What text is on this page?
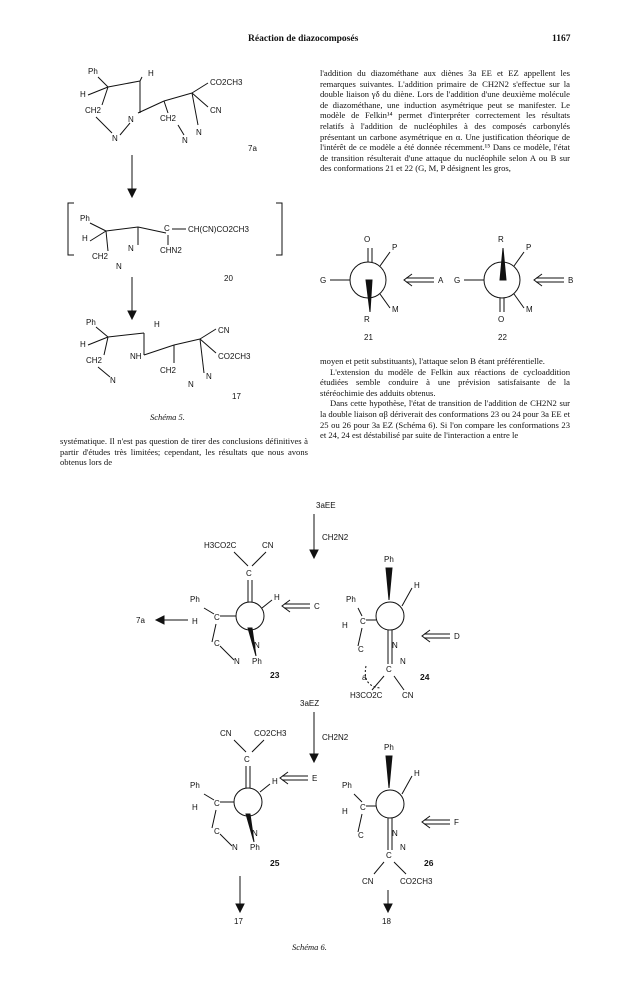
Réaction de diazocomposés	1167
Ph	H
H
CH2
N
N
CO2CH3
CN
CH2
N
N
7a
Ph
H
CH2
N
N
C CH(CN)CO2CH3
CHN2
20
Ph	H
H
CH2
N
NH
CN
CO2CH3
CH2
N
N
17
Schéma 5.

systématique. Il n'est pas question de tirer des conclusions définitives à partir d'études très limitées; cependant, les résultats que nous avons obtenus lors de

l'addition du diazométhane aux diènes 3a EE et EZ appellent les remarques suivantes. L'addition primaire de CH2N2 s'effectue sur la double liaison γδ du diène. Lors de l'addition d'une deuxième molécule de diazométhane, une induction asymétrique peut se manifester. Le modèle de Felkin¹⁴ permet d'interpréter correctement les résultats relatifs à l'addition de nucléophiles à des composés carbonylés présentant un carbone asymétrique en α. Une justification théorique de l'intérêt de ce modèle a été donnée récemment.¹⁵ Dans ce modèle, l'état de transition résulterait d'une attaque du nucléophile selon A ou B sur des conformations 21 et 22 (G, M, P désignent les gros,

O
P
G
R
M
A
21
R
P
G
O
M
B
22

moyen et petit substituants), l'attaque selon B étant préférentielle.

L'extension du modèle de Felkin aux réactions de cycloaddition étudiées semble conduire à une prévision satisfaisante de la stéréochimie des adduits obtenus.

Dans cette hypothèse, l'état de transition de l'addition de CH2N2 sur la double liaison αβ dériverait des conformations 23 ou 24 pour 3a EE et 25 ou 26 pour 3a EZ (Schéma 6). Si l'on compare les conformations 23 et 24, 24 est déstabilisé par suite de l'interaction a entre le

3aEE
CH2N2
H3CO2C	CN
C
H
C
Ph
C
H
C	N
Ph
N
23
7a
Ph
H
D
Ph
C
H
C	N
C
N
a
H3CO2C CN
24
3aEZ
CH2N2
CN	CO2CH3
C
H	E
Ph
C
H
C	N
Ph
N
25
17
Ph
H
F
Ph
C
H
C	N
C
N
CN	CO2CH3
26
18
Schéma 6.
